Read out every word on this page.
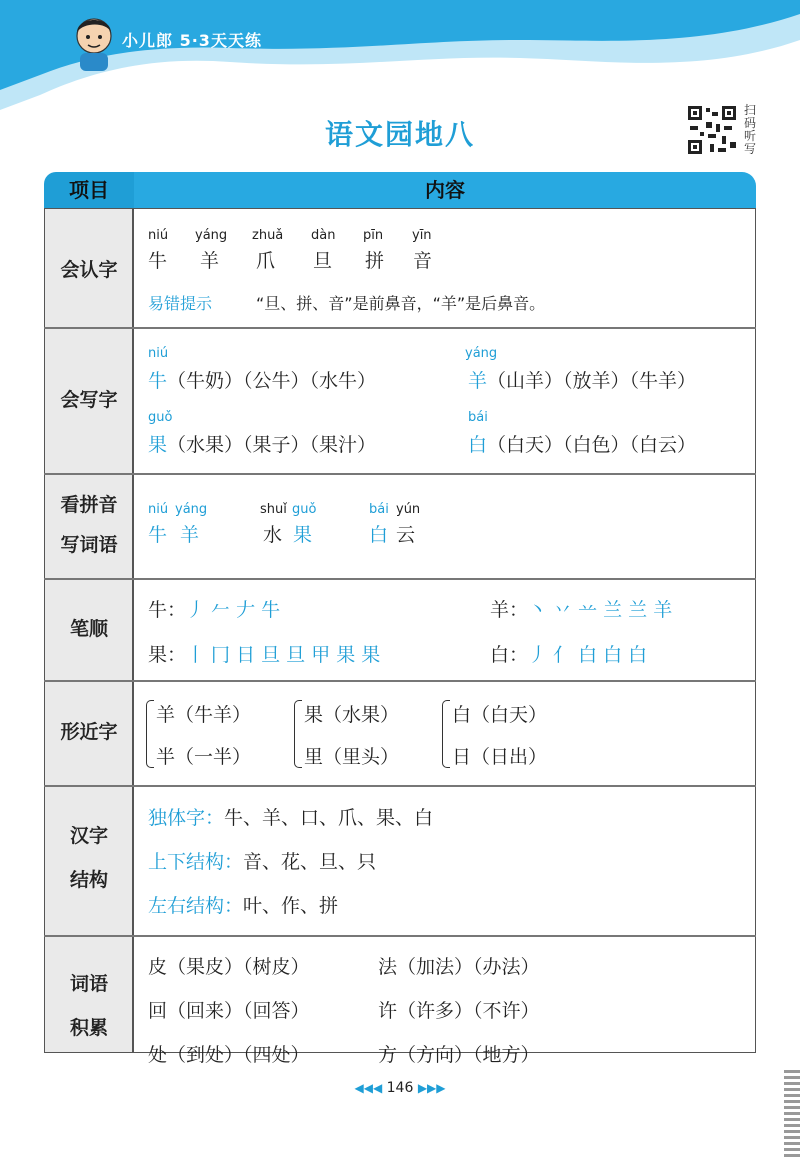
小儿郎 5·3天天练
语文园地八
扫
码
听
写
项目	内容
会认字
niú yáng zhuǎ dàn pīn yīn
牛 羊 爪 旦 拼 音
易错提示	“旦、拼、音”是前鼻音，“羊”是后鼻音。
会写字
niú
牛（牛奶）（公牛）（水牛）
yáng
羊（山羊）（放羊）（牛羊）
guǒ
果（水果）（果子）（果汁）
bái
白（白天）（白色）（白云）
看拼音
写词语
niú yáng
牛 羊
shuǐ guǒ
水 果
bái yún
白 云
笔顺
牛：丿 𠂉 𠂇 牛	羊：丶 丷 䒑 兰 兰 羊
果：丨 冂 日 旦 旦 甲 果 果	白：丿 亻 白 白 白
形近字
羊（牛羊）
半（一半）
果（水果）
里（里头）
白（白天）
日（日出）
汉字
结构
独体字：牛、羊、口、爪、果、白
上下结构：音、花、旦、只
左右结构：叶、作、拼
词语
积累
皮（果皮）（树皮）	法（加法）（办法）
回（回来）（回答）	许（许多）（不许）
处（到处）（四处）	方（方向）（地方）
◀◀◀ 146 ▶▶▶
